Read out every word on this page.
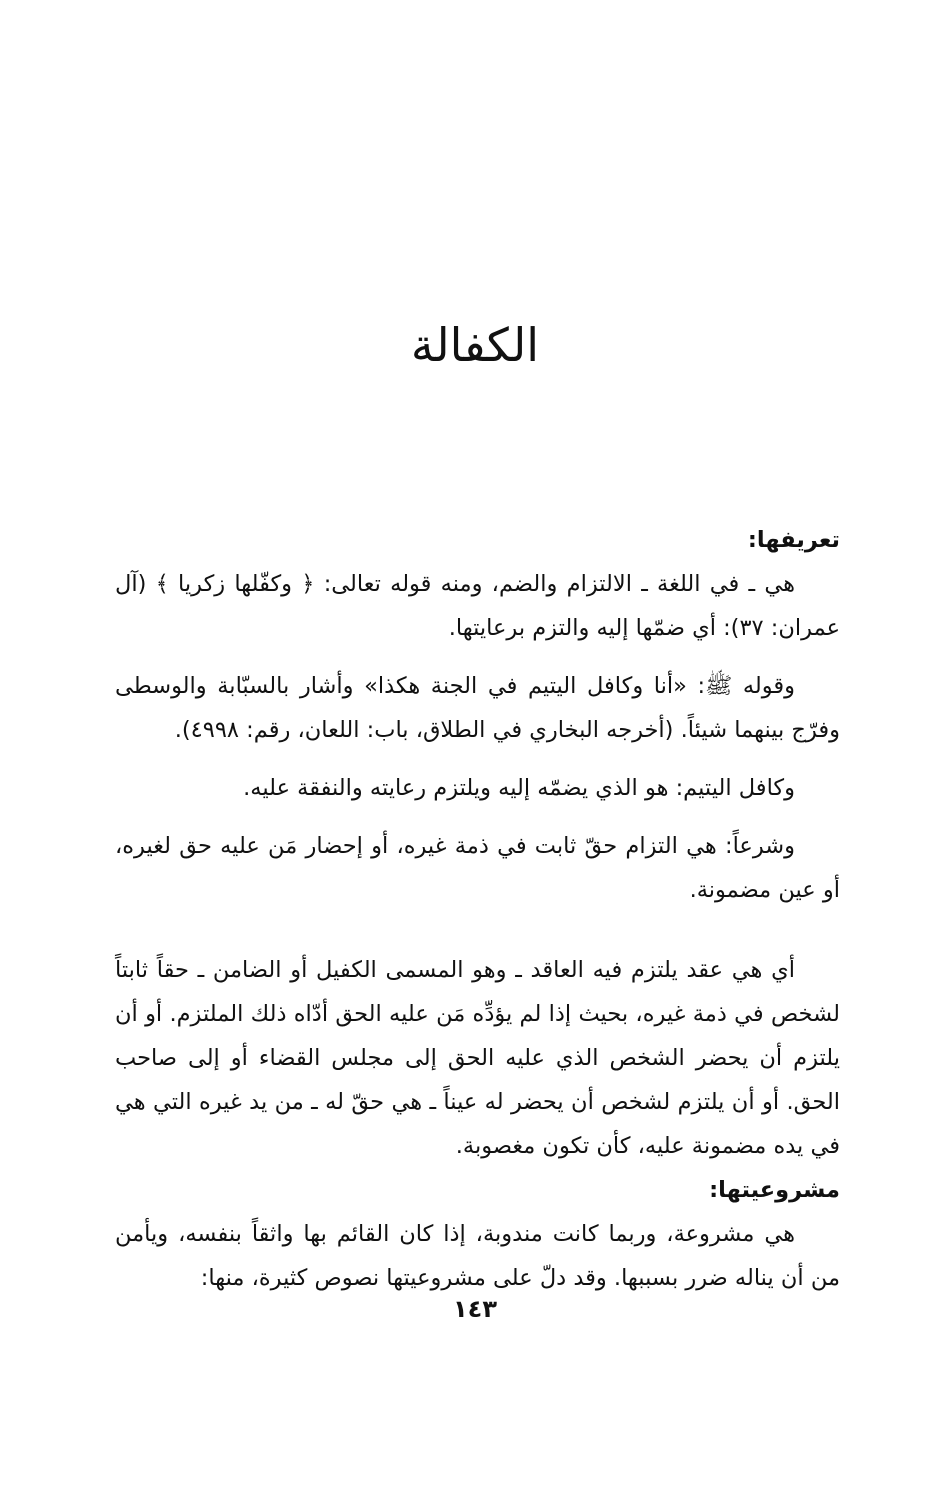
الكفالة

تعريفها:

هي ـ في اللغة ـ الالتزام والضم، ومنه قوله تعالى: ﴿ وكفّلها زكريا ﴾ (آل عمران: ٣٧): أي ضمّها إليه والتزم برعايتها.

وقوله ﷺ: «أنا وكافل اليتيم في الجنة هكذا» وأشار بالسبّابة والوسطى وفرّج بينهما شيئاً. (أخرجه البخاري في الطلاق، باب: اللعان، رقم: ٤٩٩٨).

وكافل اليتيم: هو الذي يضمّه إليه ويلتزم رعايته والنفقة عليه.

وشرعاً: هي التزام حقّ ثابت في ذمة غيره، أو إحضار مَن عليه حق لغيره، أو عين مضمونة.

أي هي عقد يلتزم فيه العاقد ـ وهو المسمى الكفيل أو الضامن ـ حقاً ثابتاً لشخص في ذمة غيره، بحيث إذا لم يؤدِّه مَن عليه الحق أدّاه ذلك الملتزم. أو أن يلتزم أن يحضر الشخص الذي عليه الحق إلى مجلس القضاء أو إلى صاحب الحق. أو أن يلتزم لشخص أن يحضر له عيناً ـ هي حقّ له ـ من يد غيره التي هي في يده مضمونة عليه، كأن تكون مغصوبة.

مشروعيتها:

هي مشروعة، وربما كانت مندوبة، إذا كان القائم بها واثقاً بنفسه، ويأمن من أن يناله ضرر بسببها. وقد دلّ على مشروعيتها نصوص كثيرة، منها:

١٤٣
